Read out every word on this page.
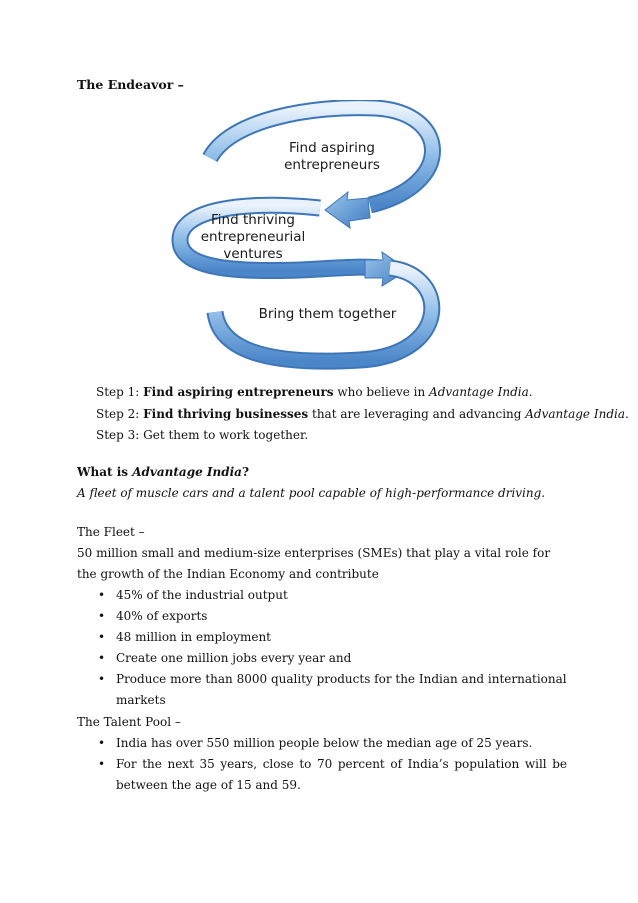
The Endeavor –
Find aspiring
entrepreneurs
Find thriving
entrepreneurial
ventures
Bring them together

Step 1: Find aspiring entrepreneurs who believe in Advantage India.

Step 2: Find thriving businesses that are leveraging and advancing Advantage India.

Step 3: Get them to work together.

What is Advantage India?

A fleet of muscle cars and a talent pool capable of high-performance driving.

The Fleet –

50 million small and medium-size enterprises (SMEs) that play a vital role for the growth of the Indian Economy and contribute

• 45% of the industrial output
• 40% of exports
• 48 million in employment
• Create one million jobs every year and
• Produce more than 8000 quality products for the Indian and international markets

The Talent Pool –

• India has over 550 million people below the median age of 25 years.
• For the next 35 years, close to 70 percent of India’s population will be between the age of 15 and 59.
